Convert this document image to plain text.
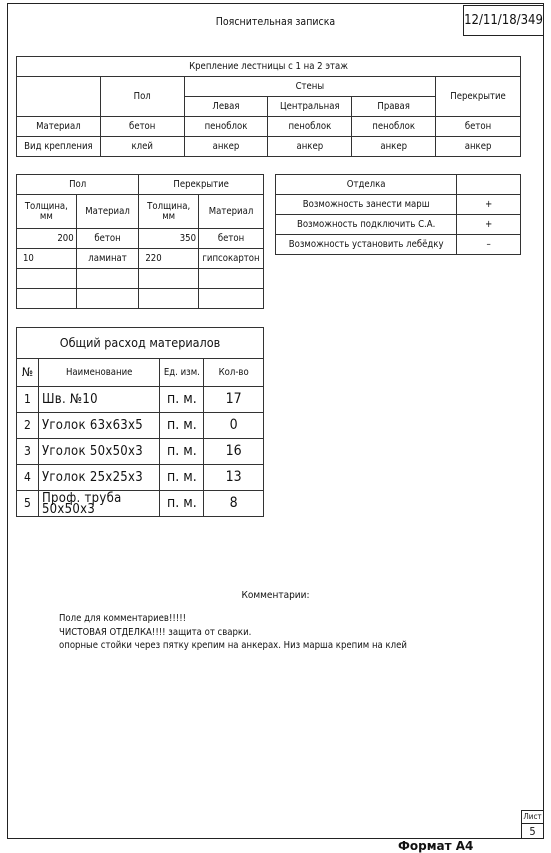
Пояснительная записка	12/11/18/349
Крепление лестницы с 1 на 2 этаж					
	Пол	Стены			Перекрытие
		Левая	Центральная	Правая	
Материал	бетон	пеноблок	пеноблок	пеноблок	бетон
Вид крепления	клей	анкер	анкер	анкер	анкер
Пол		Перекрытие	
Толщина, мм	Материал	Толщина, мм	Материал
200	бетон	350	бетон
10	ламинат	220	гипсокартон

Отделка	
Возможность занести марш	+
Возможность подключить С.А.	+
Возможность установить лебёдку	–
Общий расход материалов			
№	Наименование	Ед. изм.	Кол-во
1	Шв. №10	п. м.	17
2	Уголок 63х63х5	п. м.	0
3	Уголок 50х50х3	п. м.	16
4	Уголок 25х25х3	п. м.	13
5	Проф. труба 50х50х3	п. м.	8
Комментарии:
Поле для комментариев!!!!!
ЧИСТОВАЯ ОТДЕЛКА!!!! защита от сварки.
опорные стойки через пятку крепим на анкерах. Низ марша крепим на клей
Лист
5
Формат А4
